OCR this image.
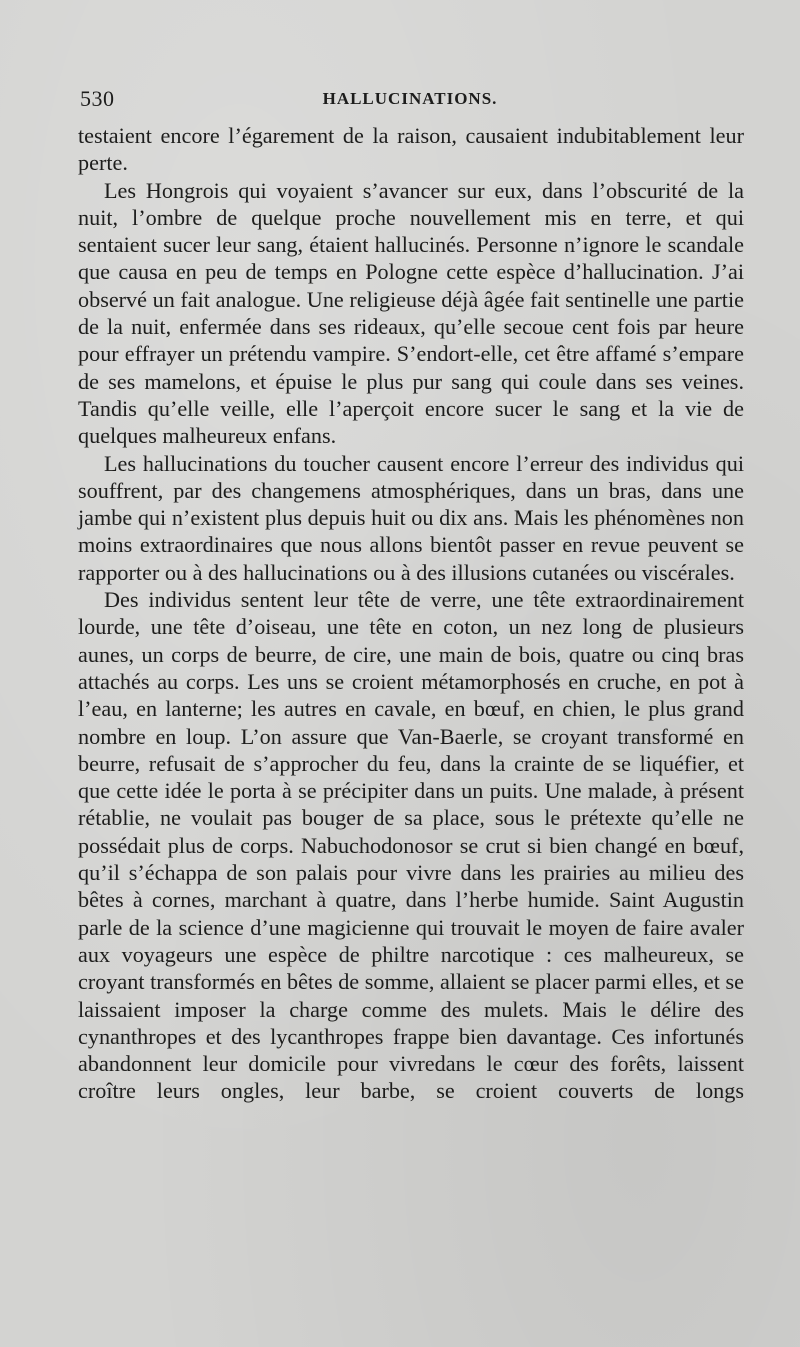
530	HALLUCINATIONS.

testaient encore l’égarement de la raison, causaient indubitablement leur perte.

Les Hongrois qui voyaient s’avancer sur eux, dans l’obscurité de la nuit, l’ombre de quelque proche nouvellement mis en terre, et qui sentaient sucer leur sang, étaient hallucinés. Personne n’ignore le scandale que causa en peu de temps en Pologne cette espèce d’hallucination. J’ai observé un fait analogue. Une religieuse déjà âgée fait sentinelle une partie de la nuit, enfermée dans ses rideaux, qu’elle secoue cent fois par heure pour effrayer un prétendu vampire. S’endort-elle, cet être affamé s’empare de ses mamelons, et épuise le plus pur sang qui coule dans ses veines. Tandis qu’elle veille, elle l’aperçoit encore sucer le sang et la vie de quelques malheureux enfans.

Les hallucinations du toucher causent encore l’erreur des individus qui souffrent, par des changemens atmosphériques, dans un bras, dans une jambe qui n’existent plus depuis huit ou dix ans. Mais les phénomènes non moins extraordinaires que nous allons bientôt passer en revue peuvent se rapporter ou à des hallucinations ou à des illusions cutanées ou viscérales.

Des individus sentent leur tête de verre, une tête extraordinairement lourde, une tête d’oiseau, une tête en coton, un nez long de plusieurs aunes, un corps de beurre, de cire, une main de bois, quatre ou cinq bras attachés au corps. Les uns se croient métamorphosés en cruche, en pot à l’eau, en lanterne; les autres en cavale, en bœuf, en chien, le plus grand nombre en loup. L’on assure que Van-Baerle, se croyant transformé en beurre, refusait de s’approcher du feu, dans la crainte de se liquéfier, et que cette idée le porta à se précipiter dans un puits. Une malade, à présent rétablie, ne voulait pas bouger de sa place, sous le prétexte qu’elle ne possédait plus de corps. Nabuchodonosor se crut si bien changé en bœuf, qu’il s’échappa de son palais pour vivre dans les prairies au milieu des bêtes à cornes, marchant à quatre, dans l’herbe humide. Saint Augustin parle de la science d’une magicienne qui trouvait le moyen de faire avaler aux voyageurs une espèce de philtre narcotique : ces malheureux, se croyant transformés en bêtes de somme, allaient se placer parmi elles, et se laissaient imposer la charge comme des mulets. Mais le délire des cynanthropes et des lycanthropes frappe bien davantage. Ces infortunés abandonnent leur domicile pour vivredans le cœur des forêts, laissent croître leurs ongles, leur barbe, se croient couverts de longs
